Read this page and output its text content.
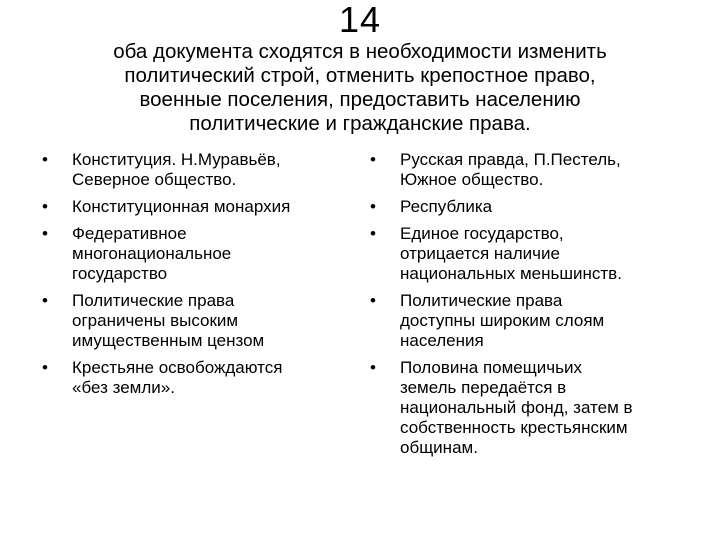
14
оба документа сходятся в необходимости изменить
политический строй, отменить крепостное право,
военные поселения, предоставить населению
политические и гражданские права.
• Конституция. Н.Муравьёв,
Северное общество.
• Конституционная монархия
• Федеративное
многонациональное
государство
• Политические права
ограничены высоким
имущественным цензом
• Крестьяне освобождаются
«без земли».
• Русская правда, П.Пестель,
Южное общество.
• Республика
• Единое государство,
отрицается наличие
национальных меньшинств.
• Политические права
доступны широким слоям
населения
• Половина помещичьих
земель передаётся в
национальный фонд, затем в
собственность крестьянским
общинам.
